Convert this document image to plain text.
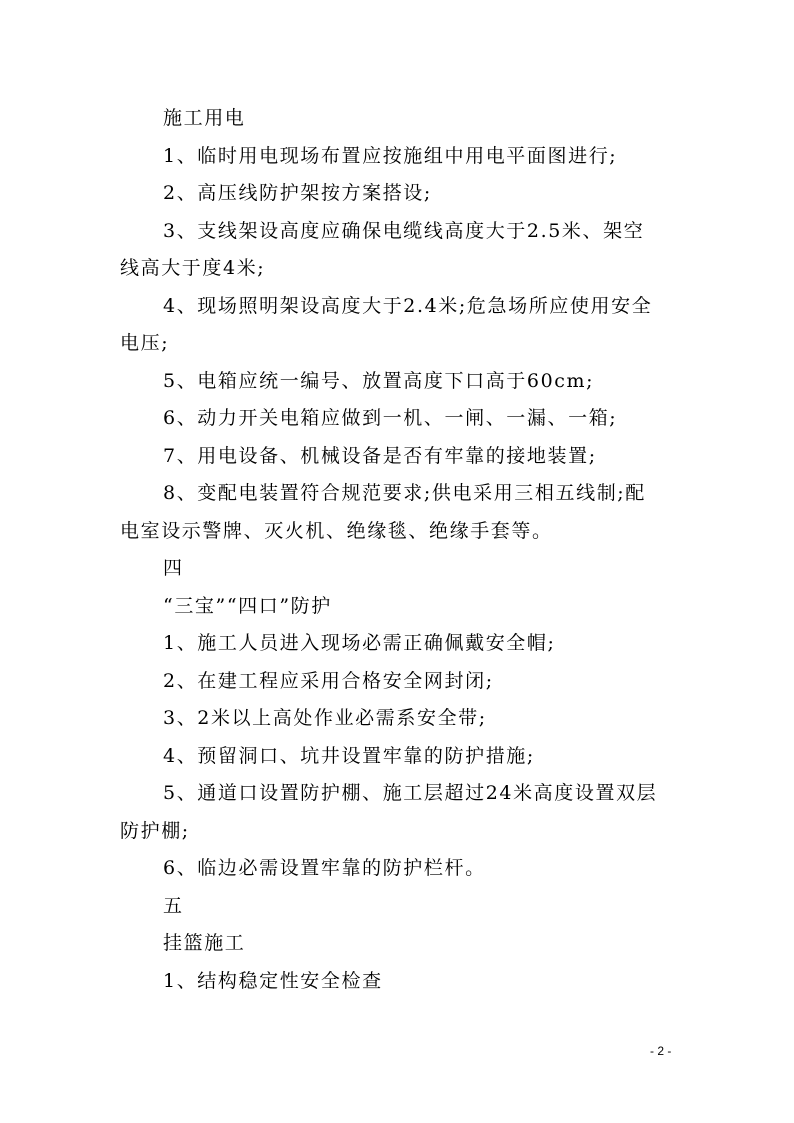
施工用电
1、临时用电现场布置应按施组中用电平面图进行;
2、高压线防护架按方案搭设;
3、支线架设高度应确保电缆线高度大于2.5米、架空
线高大于度4米;
4、现场照明架设高度大于2.4米;危急场所应使用安全
电压;
5、电箱应统一编号、放置高度下口高于60cm;
6、动力开关电箱应做到一机、一闸、一漏、一箱;
7、用电设备、机械设备是否有牢靠的接地装置;
8、变配电装置符合规范要求;供电采用三相五线制;配
电室设示警牌、灭火机、绝缘毯、绝缘手套等。
四
“三宝”“四口”防护
1、施工人员进入现场必需正确佩戴安全帽;
2、在建工程应采用合格安全网封闭;
3、2米以上高处作业必需系安全带;
4、预留洞口、坑井设置牢靠的防护措施;
5、通道口设置防护棚、施工层超过24米高度设置双层
防护棚;
6、临边必需设置牢靠的防护栏杆。
五
挂篮施工
1、结构稳定性安全检查
- 2 -
